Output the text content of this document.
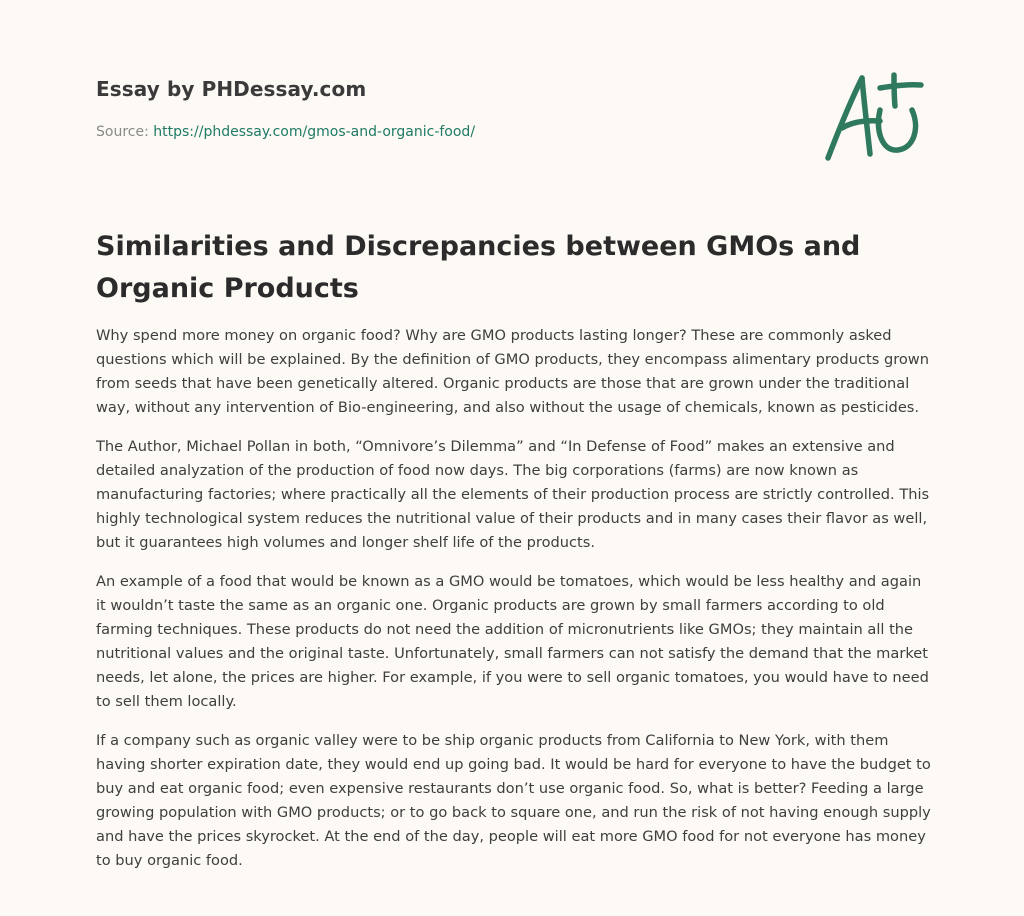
Essay by PHDessay.com

Source: https://phdessay.com/gmos-and-organic-food/

Similarities and Discrepancies between GMOs and Organic Products

Why spend more money on organic food? Why are GMO products lasting longer? These are commonly asked questions which will be explained. By the definition of GMO products, they encompass alimentary products grown from seeds that have been genetically altered. Organic products are those that are grown under the traditional way, without any intervention of Bio-engineering, and also without the usage of chemicals, known as pesticides.

The Author, Michael Pollan in both, “Omnivore’s Dilemma” and “In Defense of Food” makes an extensive and detailed analyzation of the production of food now days. The big corporations (farms) are now known as manufacturing factories; where practically all the elements of their production process are strictly controlled. This highly technological system reduces the nutritional value of their products and in many cases their flavor as well, but it guarantees high volumes and longer shelf life of the products.

An example of a food that would be known as a GMO would be tomatoes, which would be less healthy and again it wouldn’t taste the same as an organic one. Organic products are grown by small farmers according to old farming techniques. These products do not need the addition of micronutrients like GMOs; they maintain all the nutritional values and the original taste. Unfortunately, small farmers can not satisfy the demand that the market needs, let alone, the prices are higher. For example, if you were to sell organic tomatoes, you would have to need to sell them locally.

If a company such as organic valley were to be ship organic products from California to New York, with them having shorter expiration date, they would end up going bad. It would be hard for everyone to have the budget to buy and eat organic food; even expensive restaurants don’t use organic food. So, what is better? Feeding a large growing population with GMO products; or to go back to square one, and run the risk of not having enough supply and have the prices skyrocket. At the end of the day, people will eat more GMO food for not everyone has money to buy organic food.
